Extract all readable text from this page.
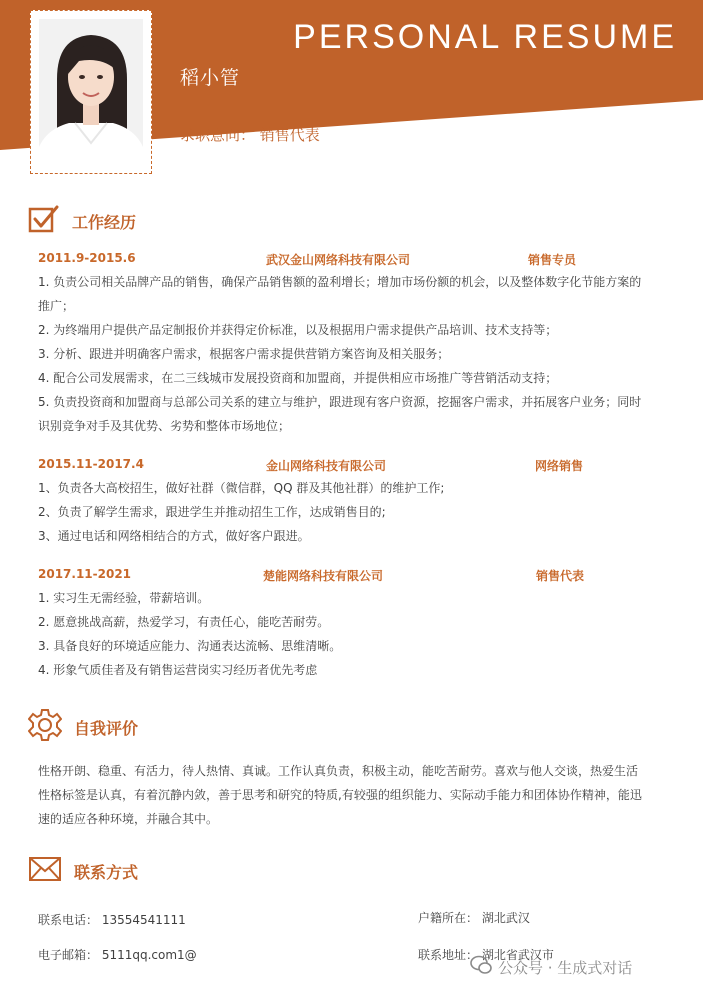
PERSONAL RESUME
稻小管
求职意向： 销售代表
工作经历
2011.9-2015.6	武汉金山网络科技有限公司	销售专员
1. 负责公司相关品牌产品的销售，确保产品销售额的盈利增长；增加市场份额的机会，以及整体数字化节能方案的
推广；
2. 为终端用户提供产品定制报价并获得定价标准，以及根据用户需求提供产品培训、技术支持等；
3. 分析、跟进并明确客户需求，根据客户需求提供营销方案咨询及相关服务；
4. 配合公司发展需求，在二三线城市发展投资商和加盟商，并提供相应市场推广等营销活动支持；
5. 负责投资商和加盟商与总部公司关系的建立与维护，跟进现有客户资源，挖掘客户需求，并拓展客户业务；同时
识别竞争对手及其优势、劣势和整体市场地位；
2015.11-2017.4	金山网络科技有限公司	网络销售
1、负责各大高校招生，做好社群（微信群，QQ 群及其他社群）的维护工作;
2、负责了解学生需求，跟进学生并推动招生工作，达成销售目的;
3、通过电话和网络相结合的方式，做好客户跟进。
2017.11-2021	楚能网络科技有限公司	销售代表
1. 实习生无需经验，带薪培训。
2. 愿意挑战高薪，热爱学习，有责任心，能吃苦耐劳。
3. 具备良好的环境适应能力、沟通表达流畅、思维清晰。
4. 形象气质佳者及有销售运营岗实习经历者优先考虑
自我评价
性格开朗、稳重、有活力，待人热情、真诚。工作认真负责，积极主动，能吃苦耐劳。喜欢与他人交谈，热爱生活
性格标签是认真，有着沉静内敛，善于思考和研究的特质,有较强的组织能力、实际动手能力和团体协作精神，能迅
速的适应各种环境，并融合其中。
联系方式
联系电话： 13554541111
电子邮箱： 5111qq.com1@
户籍所在： 湖北武汉
联系地址： 湖北省武汉市
公众号 · 生成式对话
